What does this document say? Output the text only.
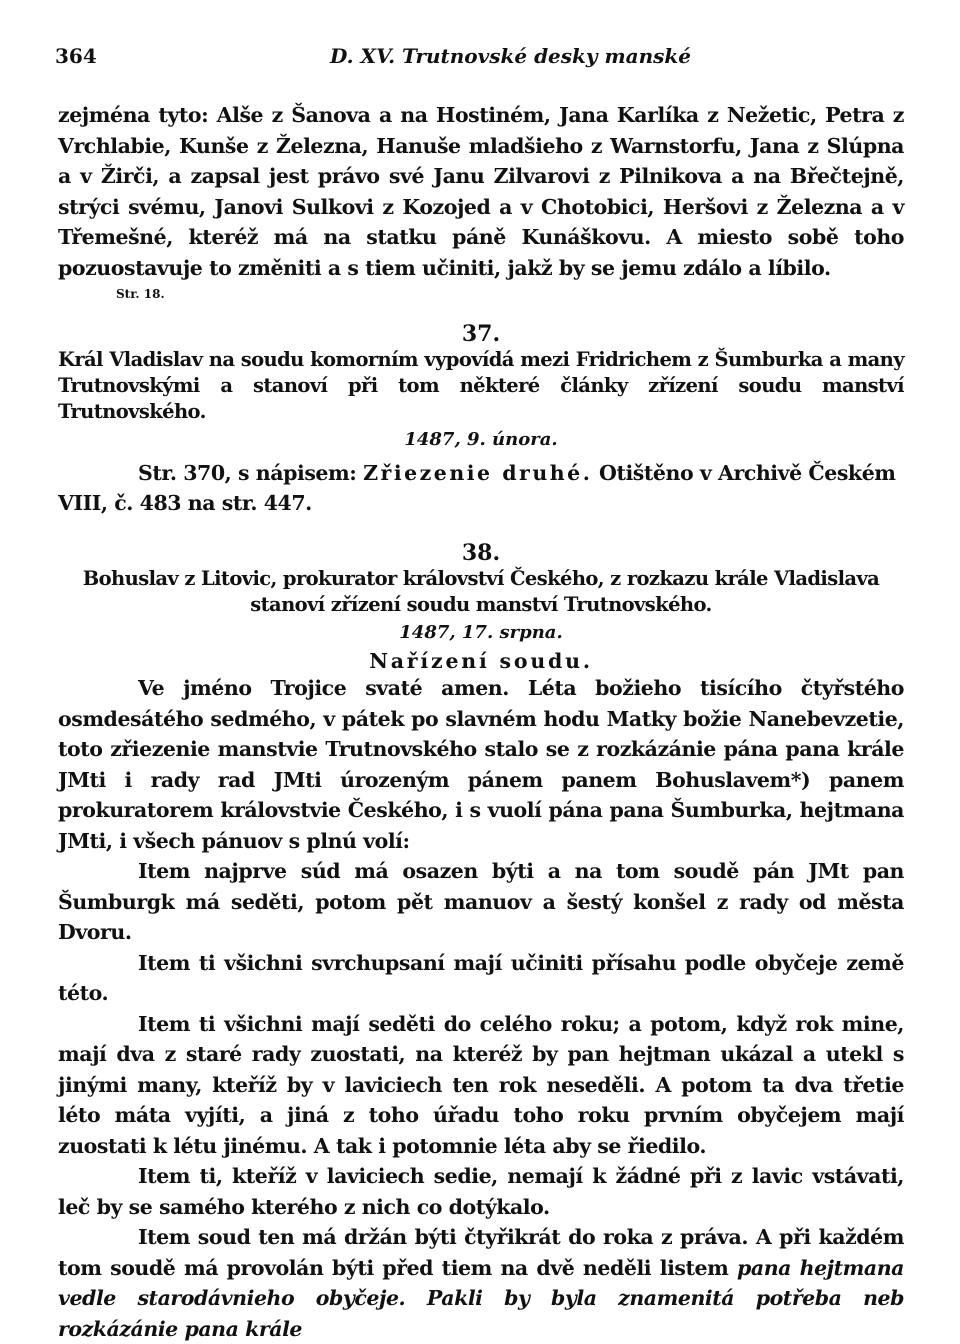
364	D. XV. Trutnovské desky manské

zejména tyto: Alše z Šanova a na Hostiném, Jana Karlíka z Nežetic, Petra z Vrchlabie, Kunše z Železna, Hanuše mladšieho z Warnstorfu, Jana z Slúpna a v Žirči, a zapsal jest právo své Janu Zilvarovi z Pilnikova a na Břečtejně, strýci svému, Janovi Sulkovi z Kozojed a v Chotobici, Heršovi z Železna a v Třemešné, kteréž má na statku páně Kunáškovu. A miesto sobě toho pozuostavuje to změniti a s tiem učiniti, jakž by se jemu zdálo a líbilo.

Str. 18.

37.

Král Vladislav na soudu komorním vypovídá mezi Fridrichem z Šumburka a many Trutnovskými a stanoví při tom některé články zřízení soudu manství Trutnovského.

1487, 9. února.

Str. 370, s nápisem: Zřiezenie druhé. Otištěno v Archivě Českém VIII, č. 483 na str. 447.

38.

Bohuslav z Litovic, prokurator království Českého, z rozkazu krále Vladislava stanoví zřízení soudu manství Trutnovského.

1487, 17. srpna.

Nařízení soudu.

Ve jméno Trojice svaté amen. Léta božieho tisícího čtyřstého osmdesátého sedmého, v pátek po slavném hodu Matky božie Nanebevzetie, toto zřiezenie manstvie Trutnovského stalo se z rozkázánie pána pana krále JMti i rady rad JMti úrozeným pánem panem Bohuslavem*) panem prokuratorem královstvie Českého, i s vuolí pána pana Šumburka, hejtmana JMti, i všech pánuov s plnú volí:

Item najprve súd má osazen býti a na tom soudě pán JMt pan Šumburgk má seděti, potom pět manuov a šestý konšel z rady od města Dvoru.

Item ti všichni svrchupsaní mají učiniti přísahu podle obyčeje země této.

Item ti všichni mají seděti do celého roku; a potom, když rok mine, mají dva z staré rady zuostati, na kteréž by pan hejtman ukázal a utekl s jinými many, kteříž by v laviciech ten rok neseděli. A potom ta dva třetie léto máta vyjíti, a jiná z toho úřadu toho roku prvním obyčejem mají zuostati k létu jinému. A tak i potomnie léta aby se řiedilo.

Item ti, kteříž v laviciech sedie, nemají k žádné při z lavic vstávati, leč by se samého kterého z nich co dotýkalo.

Item soud ten má držán býti čtyřikrát do roka z práva. A při každém tom soudě má provolán býti před tiem na dvě neděli listem pana hejtmana vedle starodávnieho obyčeje. Pakli by byla znamenitá potřeba neb rozkázánie pana krále
